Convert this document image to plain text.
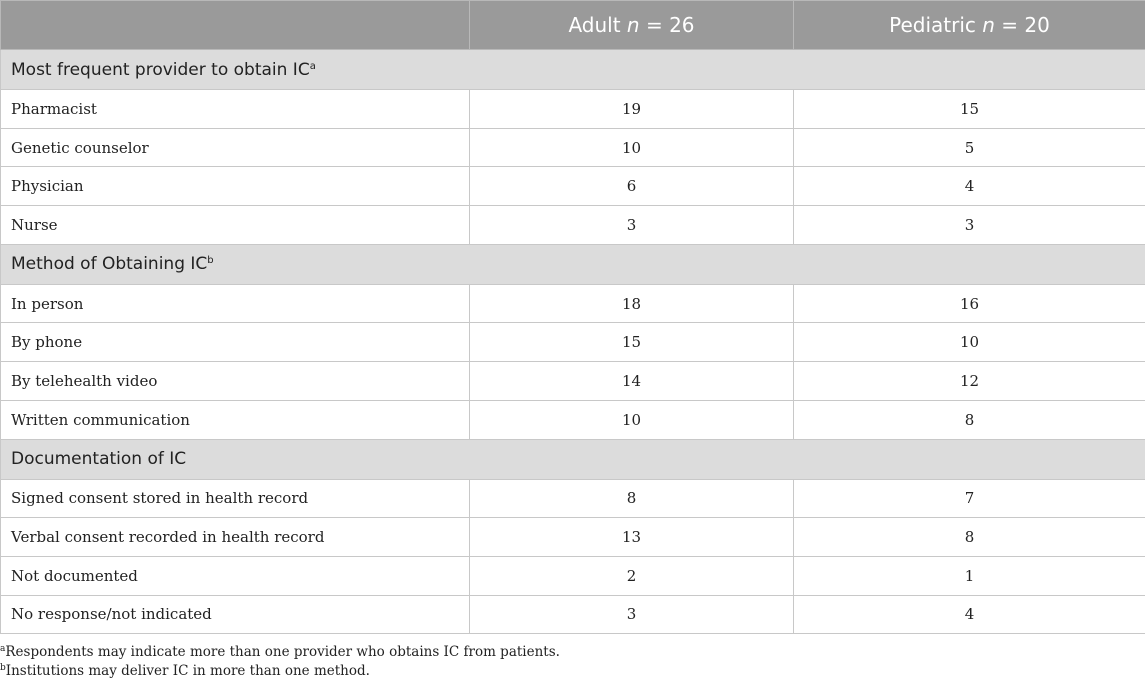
	Adult n = 26	Pediatric n = 20
Most frequent provider to obtain $IC^a$
Pharmacist	19	15
Genetic counselor	10	5
Physician	6	4
Nurse	3	3
Method of Obtaining $IC^b$
In person	18	16
By phone	15	10
By telehealth video	14	12
Written communication	10	8
Documentation of IC		
Signed consent stored in health record	8	7
Verbal consent recorded in health record	13	8
Not documented	2	1
No response/not indicated	3	4
$^a$Respondents may indicate more than one provider who obtains IC from patients.
$^b$Institutions may deliver IC in more than one method.
